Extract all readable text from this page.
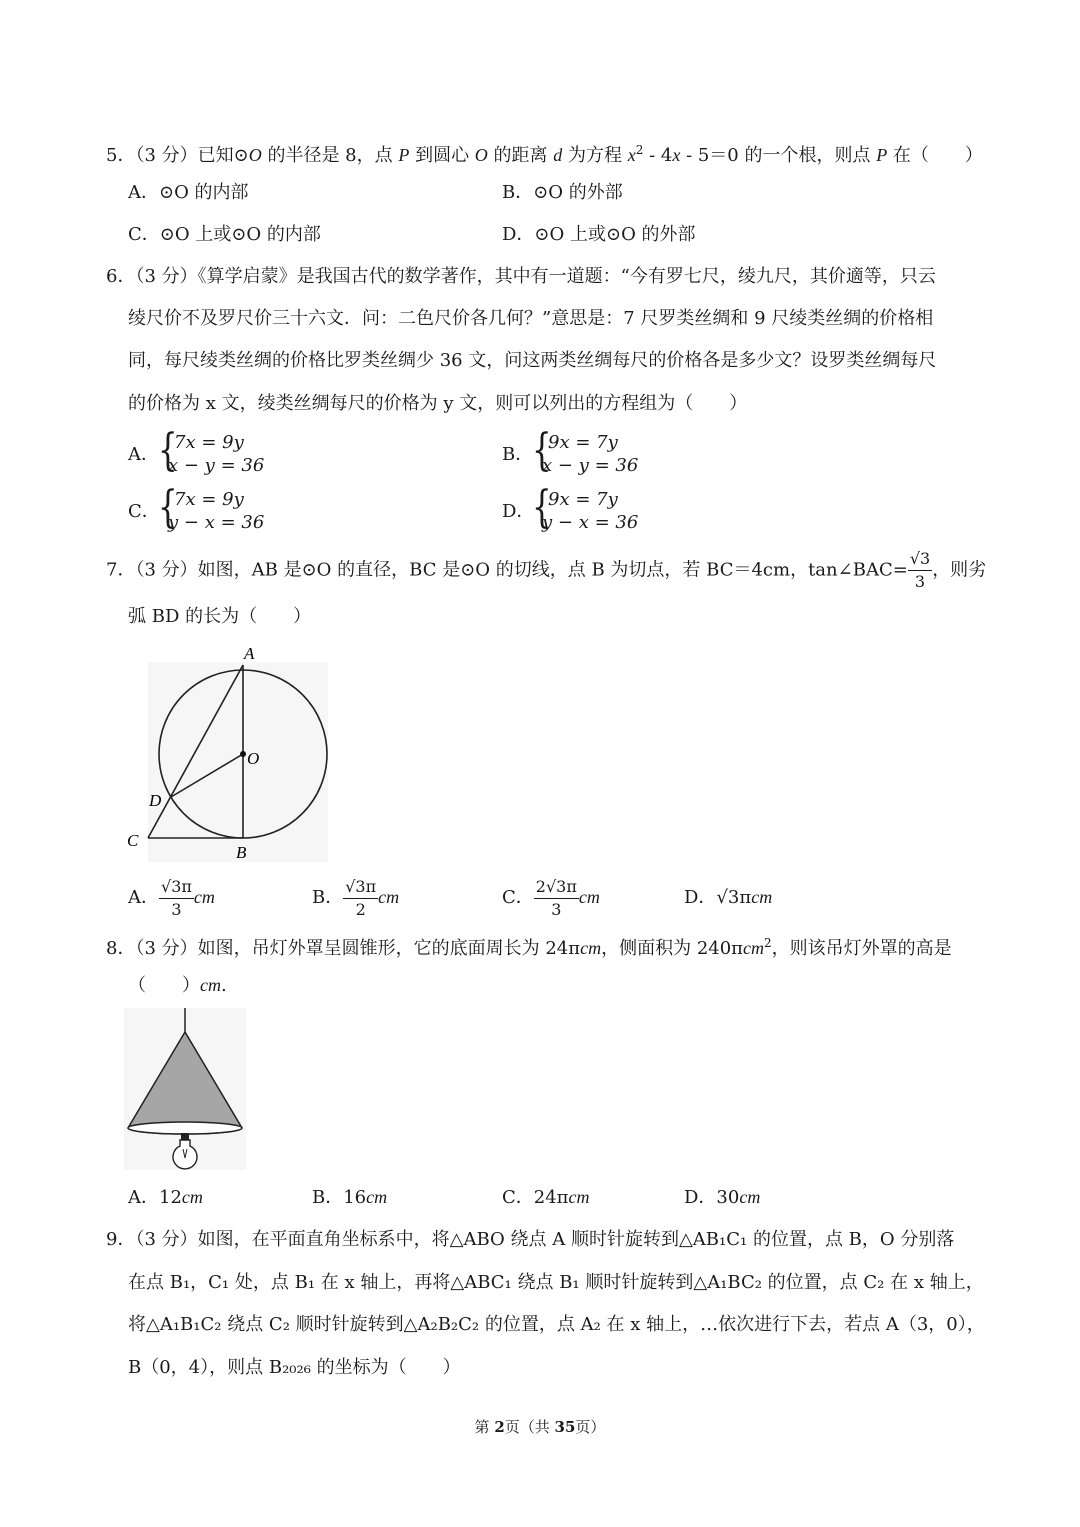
5．（3 分）已知⊙O 的半径是 8，点 P 到圆心 O 的距离 d 为方程 $x^2 - 4x - 5=0$ 的一个根，则点 P 在（　　）
A．⊙O 的内部	B．⊙O 的外部
C．⊙O 上或⊙O 的内部	D．⊙O 上或⊙O 的外部
6．（3 分）《算学启蒙》是我国古代的数学著作，其中有一道题：“今有罗七尺，绫九尺，其价適等，只云
绫尺价不及罗尺价三十六文．问：二色尺价各几何？”意思是：7 尺罗类丝绸和 9 尺绫类丝绸的价格相
同，每尺绫类丝绸的价格比罗类丝绸少 36 文，问这两类丝绸每尺的价格各是多少文？设罗类丝绸每尺
的价格为 x 文，绫类丝绸每尺的价格为 y 文，则可以列出的方程组为（　　）
A． {
7x = 9y
x − y = 36
B．
{
9x = 7y
x − y = 36
C．
{
7x = 9y
y − x = 36
D．
{
9x = 7y
y − x = 36
7．（3 分）如图，AB 是⊙O 的直径，BC 是⊙O 的切线，点 B 为切点，若 BC＝4cm，tan∠BAC= $\frac{√3}{3}$ ，则劣
弧 BD 的长为（　　）
A
O
D
C
B
A． $\frac{√3\pi}{3}$ cm	B． $\frac{√3\pi}{2}$ cm	C． $\frac{2√3\pi}{3}$ cm	D．√3πcm
8．（3 分）如图，吊灯外罩呈圆锥形，它的底面周长为 24πcm，侧面积为 240πcm$^2$，则该吊灯外罩的高是
（　　）cm.
A．12cm	B．16cm	C．24πcm	D．30cm
9．（3 分）如图，在平面直角坐标系中，将△ABO 绕点 A 顺时针旋转到△AB₁C₁ 的位置，点 B，O 分别落
在点 B₁，C₁ 处，点 B₁ 在 x 轴上，再将△ABC₁ 绕点 B₁ 顺时针旋转到△A₁BC₂ 的位置，点 C₂ 在 x 轴上，
将△A₁B₁C₂ 绕点 C₂ 顺时针旋转到△A₂B₂C₂ 的位置，点 A₂ 在 x 轴上，…依次进行下去，若点 A（3，0），
B（0，4），则点 B₂₀₂₆ 的坐标为（　　）
第 2页（共 35页）
